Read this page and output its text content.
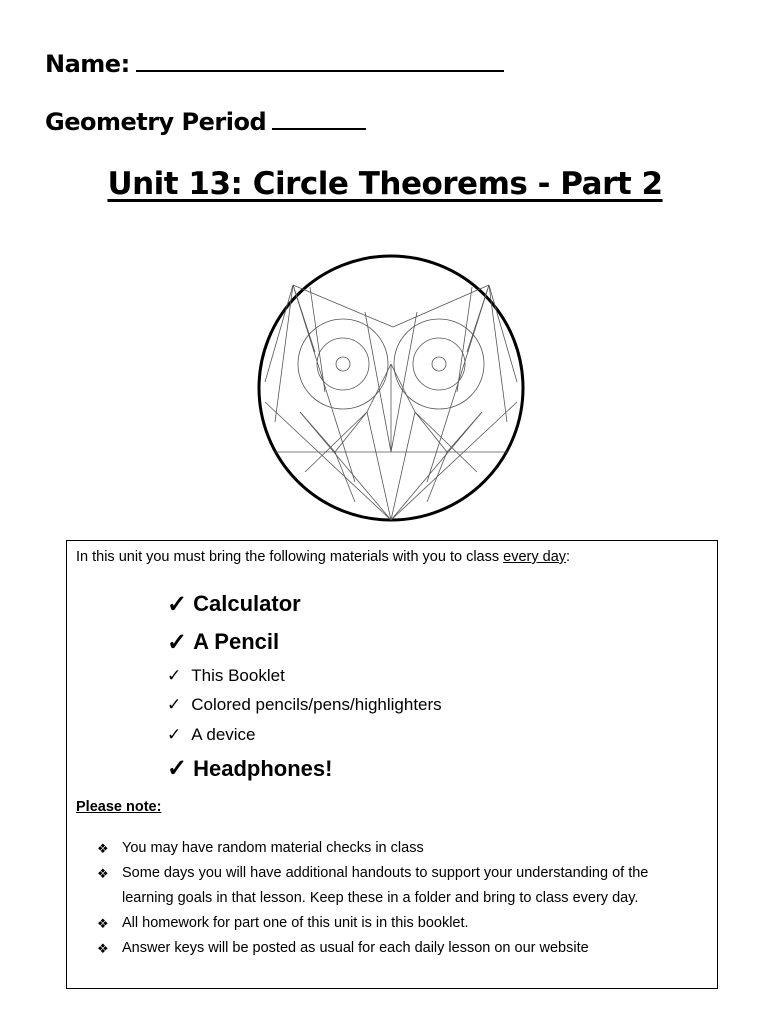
Name:
Geometry Period
Unit 13: Circle Theorems - Part 2
In this unit you must bring the following materials with you to class every day:
✓ Calculator
✓ A Pencil
✓ This Booklet
✓ Colored pencils/pens/highlighters
✓ A device
✓ Headphones!
Please note:
❖ You may have random material checks in class
❖ Some days you will have additional handouts to support your understanding of the learning goals in that lesson. Keep these in a folder and bring to class every day.
❖ All homework for part one of this unit is in this booklet.
❖ Answer keys will be posted as usual for each daily lesson on our website
